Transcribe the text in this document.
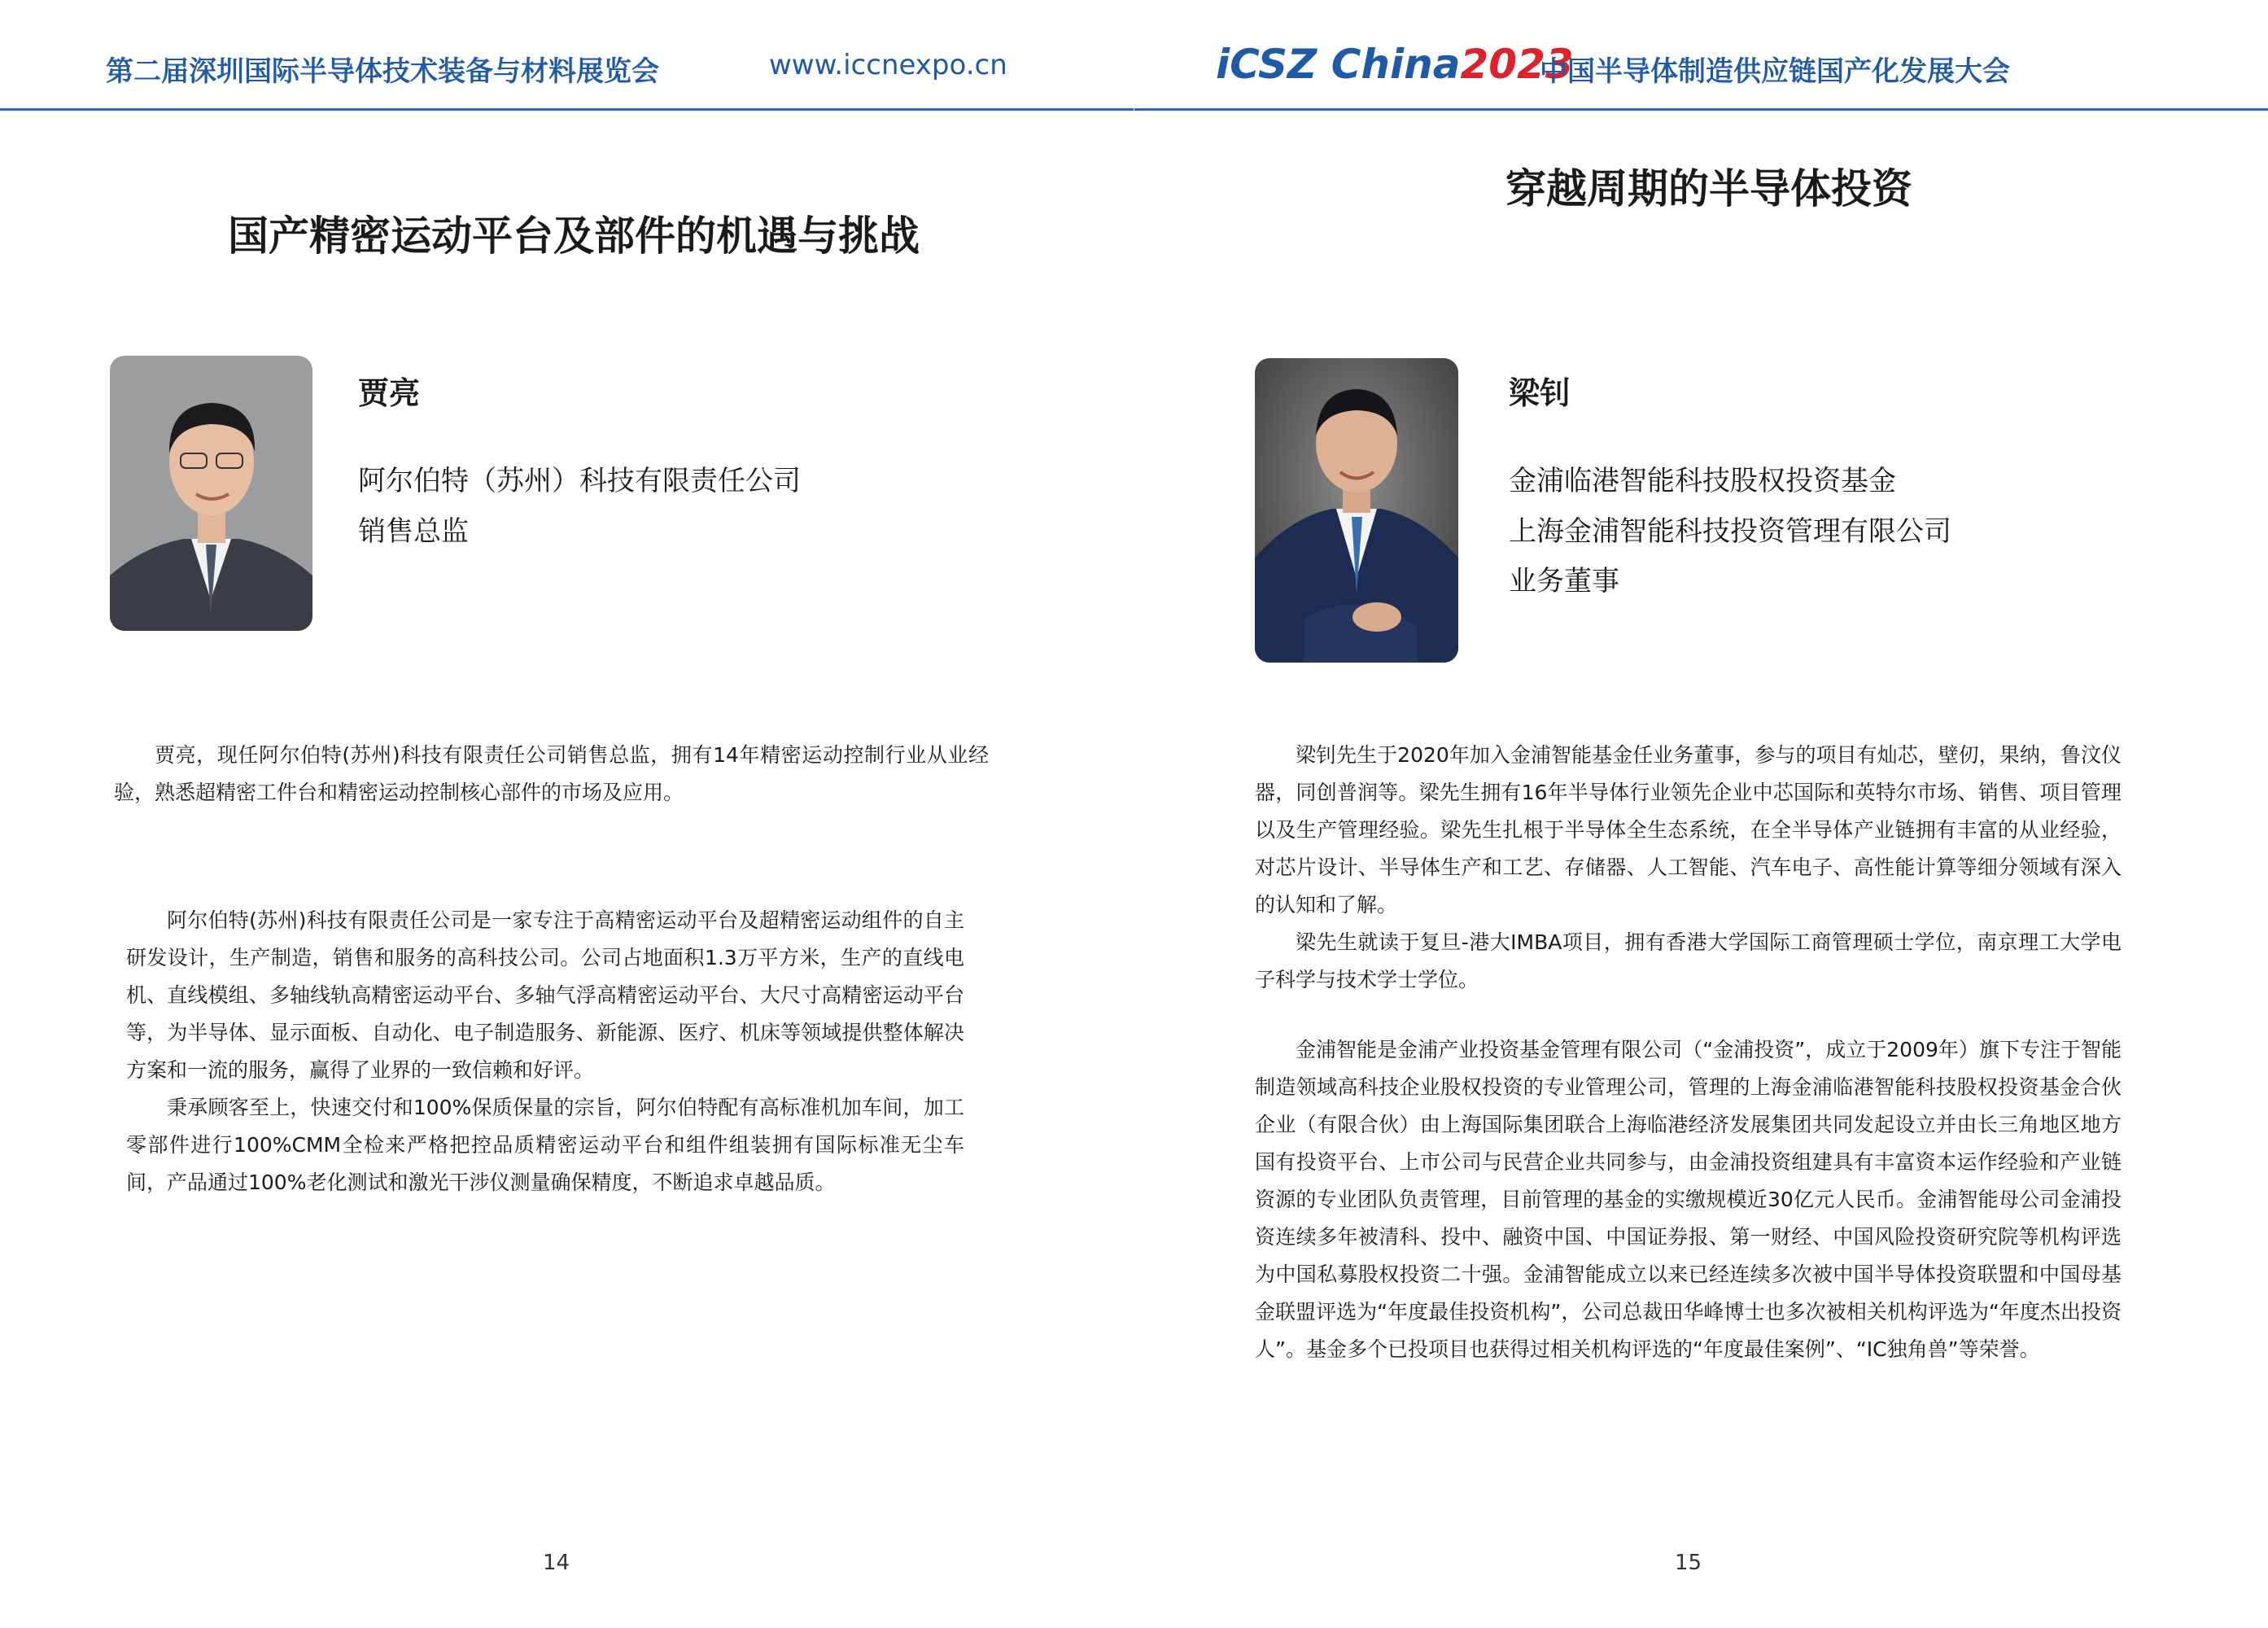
第二届深圳国际半导体技术装备与材料展览会	www.iccnexpo.cn
国产精密运动平台及部件的机遇与挑战
贾亮
阿尔伯特（苏州）科技有限责任公司
销售总监

贾亮，现任阿尔伯特(苏州)科技有限责任公司销售总监，拥有14年精密运动控制行业从业经验，熟悉超精密工件台和精密运动控制核心部件的市场及应用。

阿尔伯特(苏州)科技有限责任公司是一家专注于高精密运动平台及超精密运动组件的自主研发设计，生产制造，销售和服务的高科技公司。公司占地面积1.3万平方米，生产的直线电机、直线模组、多轴线轨高精密运动平台、多轴气浮高精密运动平台、大尺寸高精密运动平台等，为半导体、显示面板、自动化、电子制造服务、新能源、医疗、机床等领域提供整体解决方案和一流的服务，赢得了业界的一致信赖和好评。

秉承顾客至上，快速交付和100%保质保量的宗旨，阿尔伯特配有高标准机加车间，加工零部件进行100%CMM全检来严格把控品质精密运动平台和组件组装拥有国际标准无尘车间，产品通过100%老化测试和激光干涉仪测量确保精度，不断追求卓越品质。

14
iCSZ China2023
中国半导体制造供应链国产化发展大会
穿越周期的半导体投资
梁钊
金浦临港智能科技股权投资基金
上海金浦智能科技投资管理有限公司
业务董事

梁钊先生于2020年加入金浦智能基金任业务董事，参与的项目有灿芯，壁仞，果纳，鲁汶仪器，同创普润等。梁先生拥有16年半导体行业领先企业中芯国际和英特尔市场、销售、项目管理以及生产管理经验。梁先生扎根于半导体全生态系统，在全半导体产业链拥有丰富的从业经验，对芯片设计、半导体生产和工艺、存储器、人工智能、汽车电子、高性能计算等细分领域有深入的认知和了解。

梁先生就读于复旦-港大IMBA项目，拥有香港大学国际工商管理硕士学位，南京理工大学电子科学与技术学士学位。

金浦智能是金浦产业投资基金管理有限公司（“金浦投资”，成立于2009年）旗下专注于智能制造领域高科技企业股权投资的专业管理公司，管理的上海金浦临港智能科技股权投资基金合伙企业（有限合伙）由上海国际集团联合上海临港经济发展集团共同发起设立并由长三角地区地方国有投资平台、上市公司与民营企业共同参与，由金浦投资组建具有丰富资本运作经验和产业链资源的专业团队负责管理，目前管理的基金的实缴规模近30亿元人民币。金浦智能母公司金浦投资连续多年被清科、投中、融资中国、中国证券报、第一财经、中国风险投资研究院等机构评选为中国私募股权投资二十强。金浦智能成立以来已经连续多次被中国半导体投资联盟和中国母基金联盟评选为“年度最佳投资机构”，公司总裁田华峰博士也多次被相关机构评选为“年度杰出投资人”。基金多个已投项目也获得过相关机构评选的“年度最佳案例”、“IC独角兽”等荣誉。

15
